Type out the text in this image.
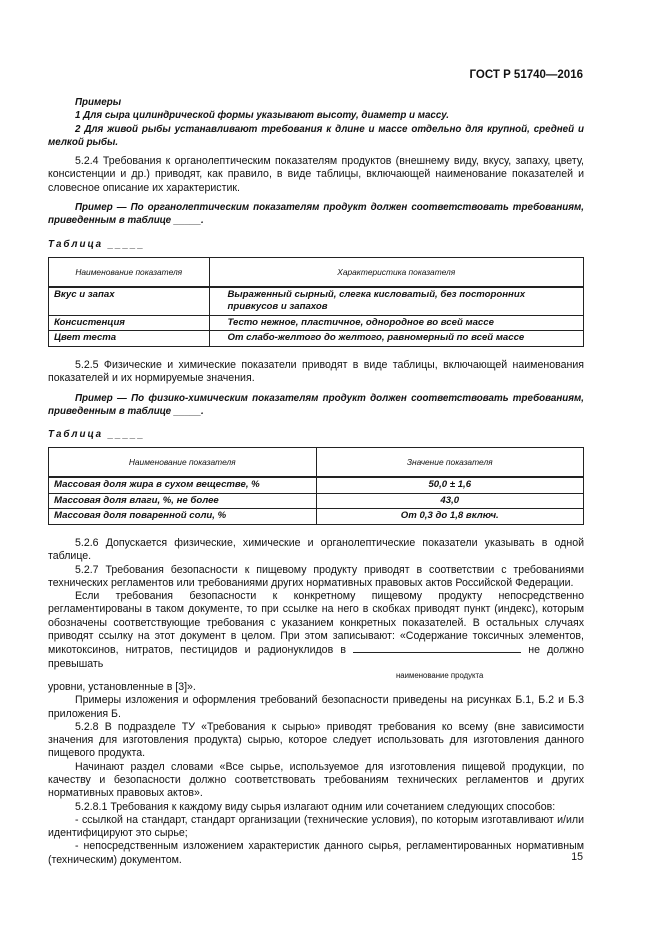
ГОСТ Р 51740—2016

Примеры

1 Для сыра цилиндрической формы указывают высоту, диаметр и массу.

2 Для живой рыбы устанавливают требования к длине и массе отдельно для крупной, средней и мелкой рыбы.

5.2.4 Требования к органолептическим показателям продуктов (внешнему виду, вкусу, запаху, цвету, консистенции и др.) приводят, как правило, в виде таблицы, включающей наименование показателей и словесное описание их характеристик.

Пример — По органолептическим показателям продукт должен соответствовать требованиям, приведенным в таблице _____.

Таблица _____
Наименование показателя	Характеристика показателя
Вкус и запах	Выраженный сырный, слегка кисловатый, без посторонних привкусов и запахов
Консистенция	Тесто нежное, пластичное, однородное во всей массе
Цвет теста	От слабо-желтого до желтого, равномерный по всей массе

5.2.5 Физические и химические показатели приводят в виде таблицы, включающей наименования показателей и их нормируемые значения.

Пример — По физико-химическим показателям продукт должен соответствовать требованиям, приведенным в таблице _____.

Таблица _____
Наименование показателя	Значение показателя
Массовая доля жира в сухом веществе, %	50,0 ± 1,6
Массовая доля влаги, %, не более	43,0
Массовая доля поваренной соли, %	От 0,3 до 1,8 включ.

5.2.6 Допускается физические, химические и органолептические показатели указывать в одной таблице.

5.2.7 Требования безопасности к пищевому продукту приводят в соответствии с требованиями технических регламентов или требованиями других нормативных правовых актов Российской Федерации.

Если требования безопасности к конкретному пищевому продукту непосредственно регламентированы в таком документе, то при ссылке на него в скобках приводят пункт (индекс), которым обозначены соответствующие требования с указанием конкретных показателей. В остальных случаях приводят ссылку на этот документ в целом. При этом записывают: «Содержание токсичных элементов, микотоксинов, нитратов, пестицидов и радионуклидов в	не должно превышать

наименование продукта

уровни, установленные в [3]».

Примеры изложения и оформления требований безопасности приведены на рисунках Б.1, Б.2 и Б.3 приложения Б.

5.2.8 В подразделе ТУ «Требования к сырью» приводят требования ко всему (вне зависимости значения для изготовления продукта) сырью, которое следует использовать для изготовления данного пищевого продукта.

Начинают раздел словами «Все сырье, используемое для изготовления пищевой продукции, по качеству и безопасности должно соответствовать требованиям технических регламентов и других нормативных правовых актов».

5.2.8.1 Требования к каждому виду сырья излагают одним или сочетанием следующих способов:

- ссылкой на стандарт, стандарт организации (технические условия), по которым изготавливают и/или идентифицируют это сырье;

- непосредственным изложением характеристик данного сырья, регламентированных нормативным (техническим) документом.	15
